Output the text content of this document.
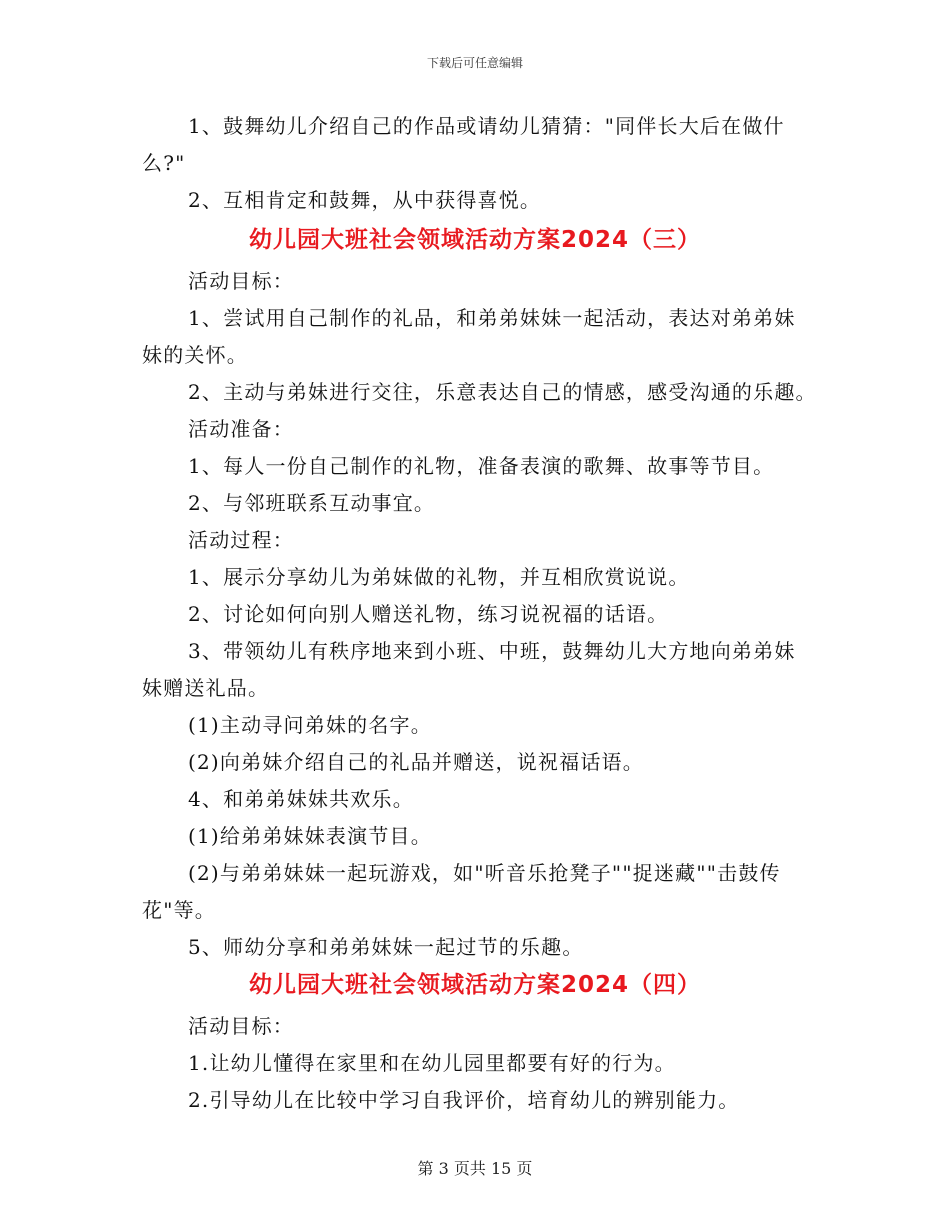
下载后可任意编辑
1、鼓舞幼儿介绍自己的作品或请幼儿猜猜："同伴长大后在做什
么?"
2、互相肯定和鼓舞，从中获得喜悦。
幼儿园大班社会领域活动方案2024（三）
活动目标：
1、尝试用自己制作的礼品，和弟弟妹妹一起活动，表达对弟弟妹
妹的关怀。
2、主动与弟妹进行交往，乐意表达自己的情感，感受沟通的乐趣。
活动准备：
1、每人一份自己制作的礼物，准备表演的歌舞、故事等节目。
2、与邻班联系互动事宜。
活动过程：
1、展示分享幼儿为弟妹做的礼物，并互相欣赏说说。
2、讨论如何向别人赠送礼物，练习说祝福的话语。
3、带领幼儿有秩序地来到小班、中班，鼓舞幼儿大方地向弟弟妹
妹赠送礼品。
(1)主动寻问弟妹的名字。
(2)向弟妹介绍自己的礼品并赠送，说祝福话语。
4、和弟弟妹妹共欢乐。
(1)给弟弟妹妹表演节目。
(2)与弟弟妹妹一起玩游戏，如"听音乐抢凳子""捉迷藏""击鼓传
花"等。
5、师幼分享和弟弟妹妹一起过节的乐趣。
幼儿园大班社会领域活动方案2024（四）
活动目标：
1.让幼儿懂得在家里和在幼儿园里都要有好的行为。
2.引导幼儿在比较中学习自我评价，培育幼儿的辨别能力。
第 3 页共 15 页
